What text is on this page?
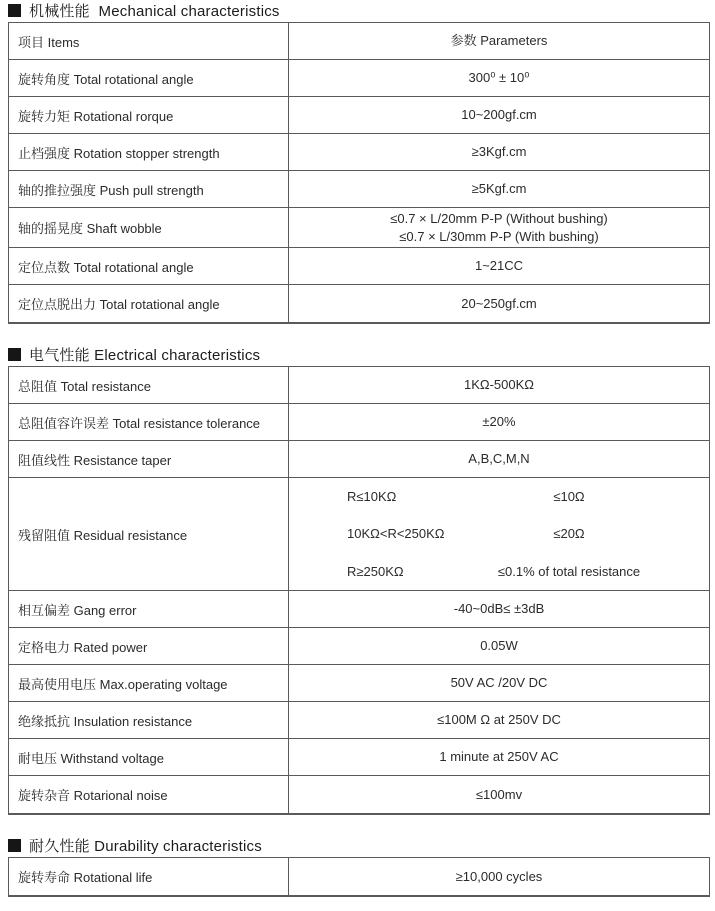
机械性能  Mechanical characteristics
项目 Items	参数 Parameters
旋转角度 Total rotational angle	300⁰ ± 10⁰
旋转力矩 Rotational rorque	10~200gf.cm
止档强度 Rotation stopper strength	≥3Kgf.cm
轴的推拉强度 Push pull strength	≥5Kgf.cm
轴的摇晃度 Shaft wobble
≤0.7 × L/20mm P-P (Without bushing)
≤0.7 × L/30mm P-P (With bushing)
定位点数 Total rotational angle	1~21CC
定位点脱出力 Total rotational angle	20~250gf.cm
电气性能 Electrical characteristics
总阻值 Total resistance	1KΩ-500KΩ
总阻值容许误差 Total resistance tolerance	±20%
阻值线性 Resistance taper	A,B,C,M,N
残留阻值 Residual resistance
R≤10KΩ	≤10Ω
10KΩ<R<250KΩ	≤20Ω
R≥250KΩ	≤0.1% of total resistance
相互偏差 Gang error	-40~0dB≤ ±3dB
定格电力 Rated power	0.05W
最高使用电压 Max.operating voltage	50V AC /20V DC
绝缘抵抗 Insulation resistance	≤100M Ω at 250V DC
耐电压 Withstand voltage	1 minute at 250V AC
旋转杂音 Rotarional noise	≤100mv
耐久性能 Durability characteristics
旋转寿命 Rotational life	≥10,000 cycles
